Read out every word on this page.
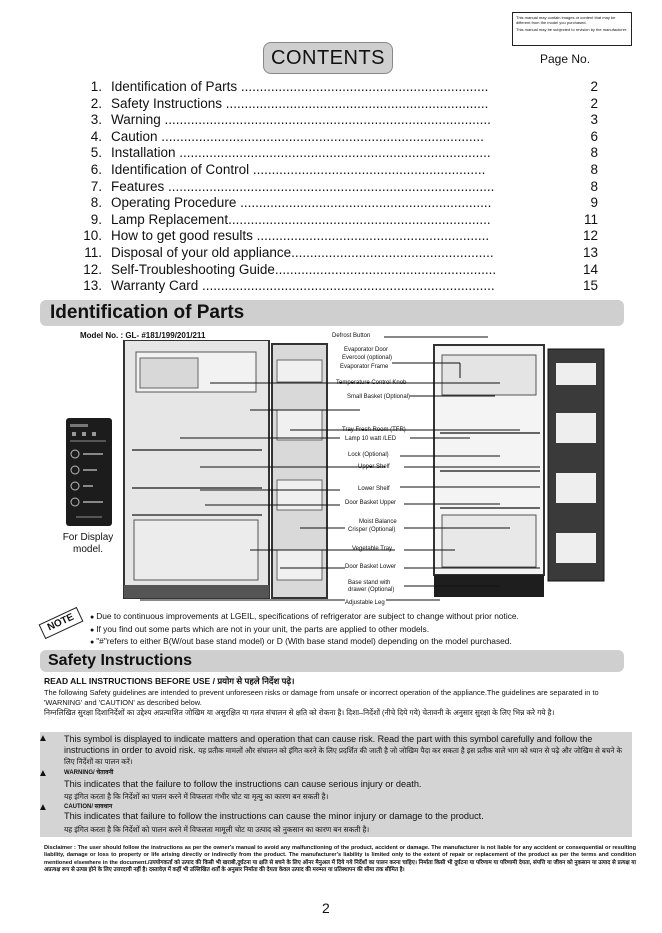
This manual may contain images or content that may be different from the model you purchased.
This manual may be subjected to revision by the manufacturer.
CONTENTS	Page No.
1. Identification of Parts ..................................................................	2
2. Safety Instructions ......................................................................	2
3. Warning .......................................................................................	3
4. Caution ......................................................................................	6
5. Installation ...................................................................................	8
6. Identification of Control ..............................................................	8
7. Features .......................................................................................	8
8. Operating Procedure ...................................................................	9
9. Lamp Replacement......................................................................	11
10. How to get good results ..............................................................	12
11. Disposal of your old appliance......................................................	13
12. Self-Troubleshooting Guide...........................................................	14
13. Warranty Card ..............................................................................	15
Identification of Parts
Model No. : GL- #181/199/201/211
For Display
model.
Defrost Button
Evaporator Door
Evercool (optional)
Evaporator Frame
Temperature Control Knob
Small Basket (Optional)
Tray Fresh Room (TFR)
Lamp 10 watt /LED
Lock (Optional)
Upper Shelf
Lower Shelf
Door Basket Upper
Moist Balance
Crisper (Optional)
Vegetable Tray
Door Basket Lower
Base stand with
drawer (Optional)
Adjustable Leg
NOTE	● Due to continuous improvements at LGEIL, specifications of refrigerator are subject to change without prior notice.
● If you find out some parts which are not in your unit, the parts are applied to other models.
● "#"refers to either B(W/out base stand model) or D (With base stand model) depending on the model purchased.
Safety Instructions
READ ALL INSTRUCTIONS BEFORE USE / प्रयोग से पहले निर्देश पढ़े।
The following Safety guidelines are intended to prevent unforeseen risks or damage from unsafe or incorrect operation of the appliance.The guidelines are separated in to 'WARNING' and 'CAUTION' as described below.
निम्नलिखित सुरक्षा दिशानिर्देशों का उद्देश्य अप्रत्याशित जोखिम या असुरक्षित या गलत संचालन से क्षति को रोकना है। दिशा–निर्देशों (नीचे दिये गये) चेतावनी के अनुसार सुरक्षा के लिए भिन्न करे गये है।
▲ This symbol is displayed to indicate matters and operation that can cause risk. Read the part with this symbol carefully and follow the instructions in order to avoid risk. यह प्रतीक मामलों और संचालन को इंगित करने के लिए प्रदर्शित की जाती है जो जोखिम पैदा कर सकता है इस प्रतीक वाले भाग को ध्यान से पढ़े और जोखिम से बचने के लिए निर्देशों का पालन करें।
▲	WARNING/ चेतावनी
This indicates that the failure to follow the instructions can cause serious injury or death.
यह इंगित करता है कि निर्देशों का पालन करने में विफलता गंभीर चोट या मृत्यु का कारण बन सकती है।
▲	CAUTION/ सावधान
This indicates that failure to follow the instructions can cause the minor injury or damage to the product.
यह इंगित करता है कि निर्देशों को पालन करने में विफलता मामूली चोट या उत्पाद को नुकसान का कारण बन सकती है।
Disclaimer : The user should follow the instructions as per the owner's manual to avoid any malfunctioning of the product, accident or damage. The manufacturer is not liable for any accident or consequential or resulting liability, damage or loss to property or life arising directly or indirectly from the product. The manufacturer's liability is limited only to the extent of repair or replacement of the product as per the terms and condition mentioned elsewhere in the document./उपयोगकर्ता को उत्पाद की किसी भी खराबी,दुर्घटना या क्षति से बचने के लिए ऑनर मैनुअल में दिये गये निर्देशों का पालन करना चाहिए। निर्माता किसी भी दुर्घटना या परिणाम या परिणामी देयता, संपत्ति या जीवन को नुकसान या उत्पाद से प्रत्यक्ष या अप्रत्यक्ष रूप से उत्पन्न होने के लिए उत्तरदायी नहीं है। दस्तावेज़ में कहीं भी उल्लिखित शर्तों के अनुसार निर्माता की देयता केवल उत्पाद की मरम्मत या प्रतिस्थापन की सीमा तक सीमित है।
2
